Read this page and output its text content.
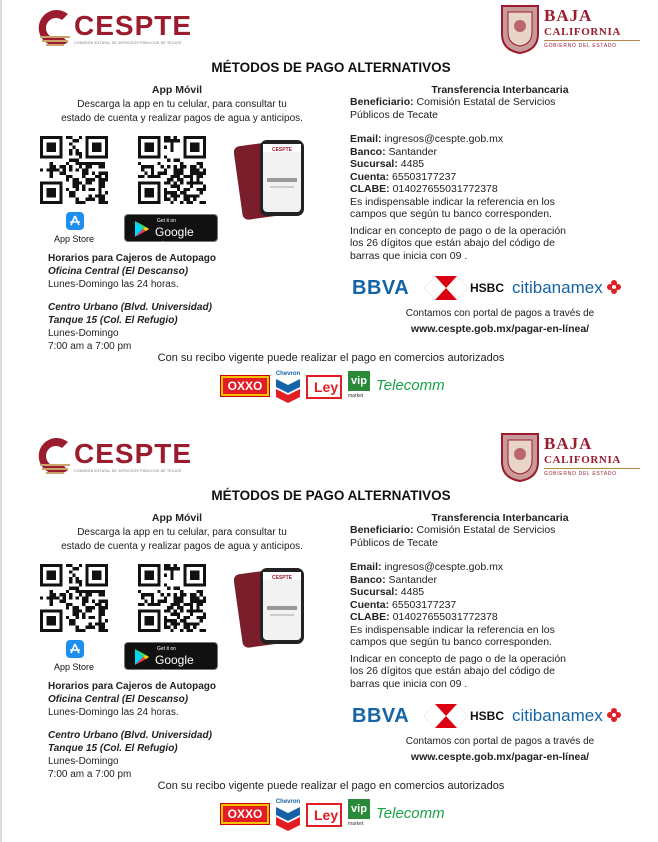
CESPTE
COMISIÓN ESTATAL DE SERVICIOS PÚBLICOS DE TECATE
BAJA
CALIFORNIA
GOBIERNO DEL ESTADO
MÉTODOS DE PAGO ALTERNATIVOS
App Móvil
Descarga la app en tu celular, para consultar tu
estado de cuenta y realizar pagos de agua y anticipos.
CESPTE
App Store
Get it on
Google play
Horarios para Cajeros de Autopago
Oficina Central (El Descanso)
Lunes-Domingo las 24 horas.
Centro Urbano (Blvd. Universidad)
Tanque 15 (Col. El Refugio)
Lunes-Domingo
7:00 am a 7:00 pm
Transferencia Interbancaria
Beneficiario: Comisión Estatal de Servicios
Públicos de Tecate
Email: ingresos@cespte.gob.mx
Banco: Santander
Sucursal: 4485
Cuenta: 65503177237
CLABE: 014027655031772378
Es indispensable indicar la referencia en los
campos que según tu banco corresponden.
Indicar en concepto de pago o de la operación
los 26 dígitos que están abajo del código de
barras que inicia con 09 .
BBVA	HSBC citibanamex
Contamos con portal de pagos a través de
www.cespte.gob.mx/pagar-en-línea/
Con su recibo vigente puede realizar el pago en comercios autorizados
OXXO
Chevron
Ley vip
market
Telecomm
CESPTE
COMISIÓN ESTATAL DE SERVICIOS PÚBLICOS DE TECATE
BAJA
CALIFORNIA
GOBIERNO DEL ESTADO
MÉTODOS DE PAGO ALTERNATIVOS
App Móvil
Descarga la app en tu celular, para consultar tu
estado de cuenta y realizar pagos de agua y anticipos.
CESPTE
App Store
Get it on
Google play
Horarios para Cajeros de Autopago
Oficina Central (El Descanso)
Lunes-Domingo las 24 horas.
Centro Urbano (Blvd. Universidad)
Tanque 15 (Col. El Refugio)
Lunes-Domingo
7:00 am a 7:00 pm
Transferencia Interbancaria
Beneficiario: Comisión Estatal de Servicios
Públicos de Tecate
Email: ingresos@cespte.gob.mx
Banco: Santander
Sucursal: 4485
Cuenta: 65503177237
CLABE: 014027655031772378
Es indispensable indicar la referencia en los
campos que según tu banco corresponden.
Indicar en concepto de pago o de la operación
los 26 dígitos que están abajo del código de
barras que inicia con 09 .
BBVA	HSBC citibanamex
Contamos con portal de pagos a través de
www.cespte.gob.mx/pagar-en-línea/
Con su recibo vigente puede realizar el pago en comercios autorizados
OXXO
Chevron
Ley vip
market
Telecomm
